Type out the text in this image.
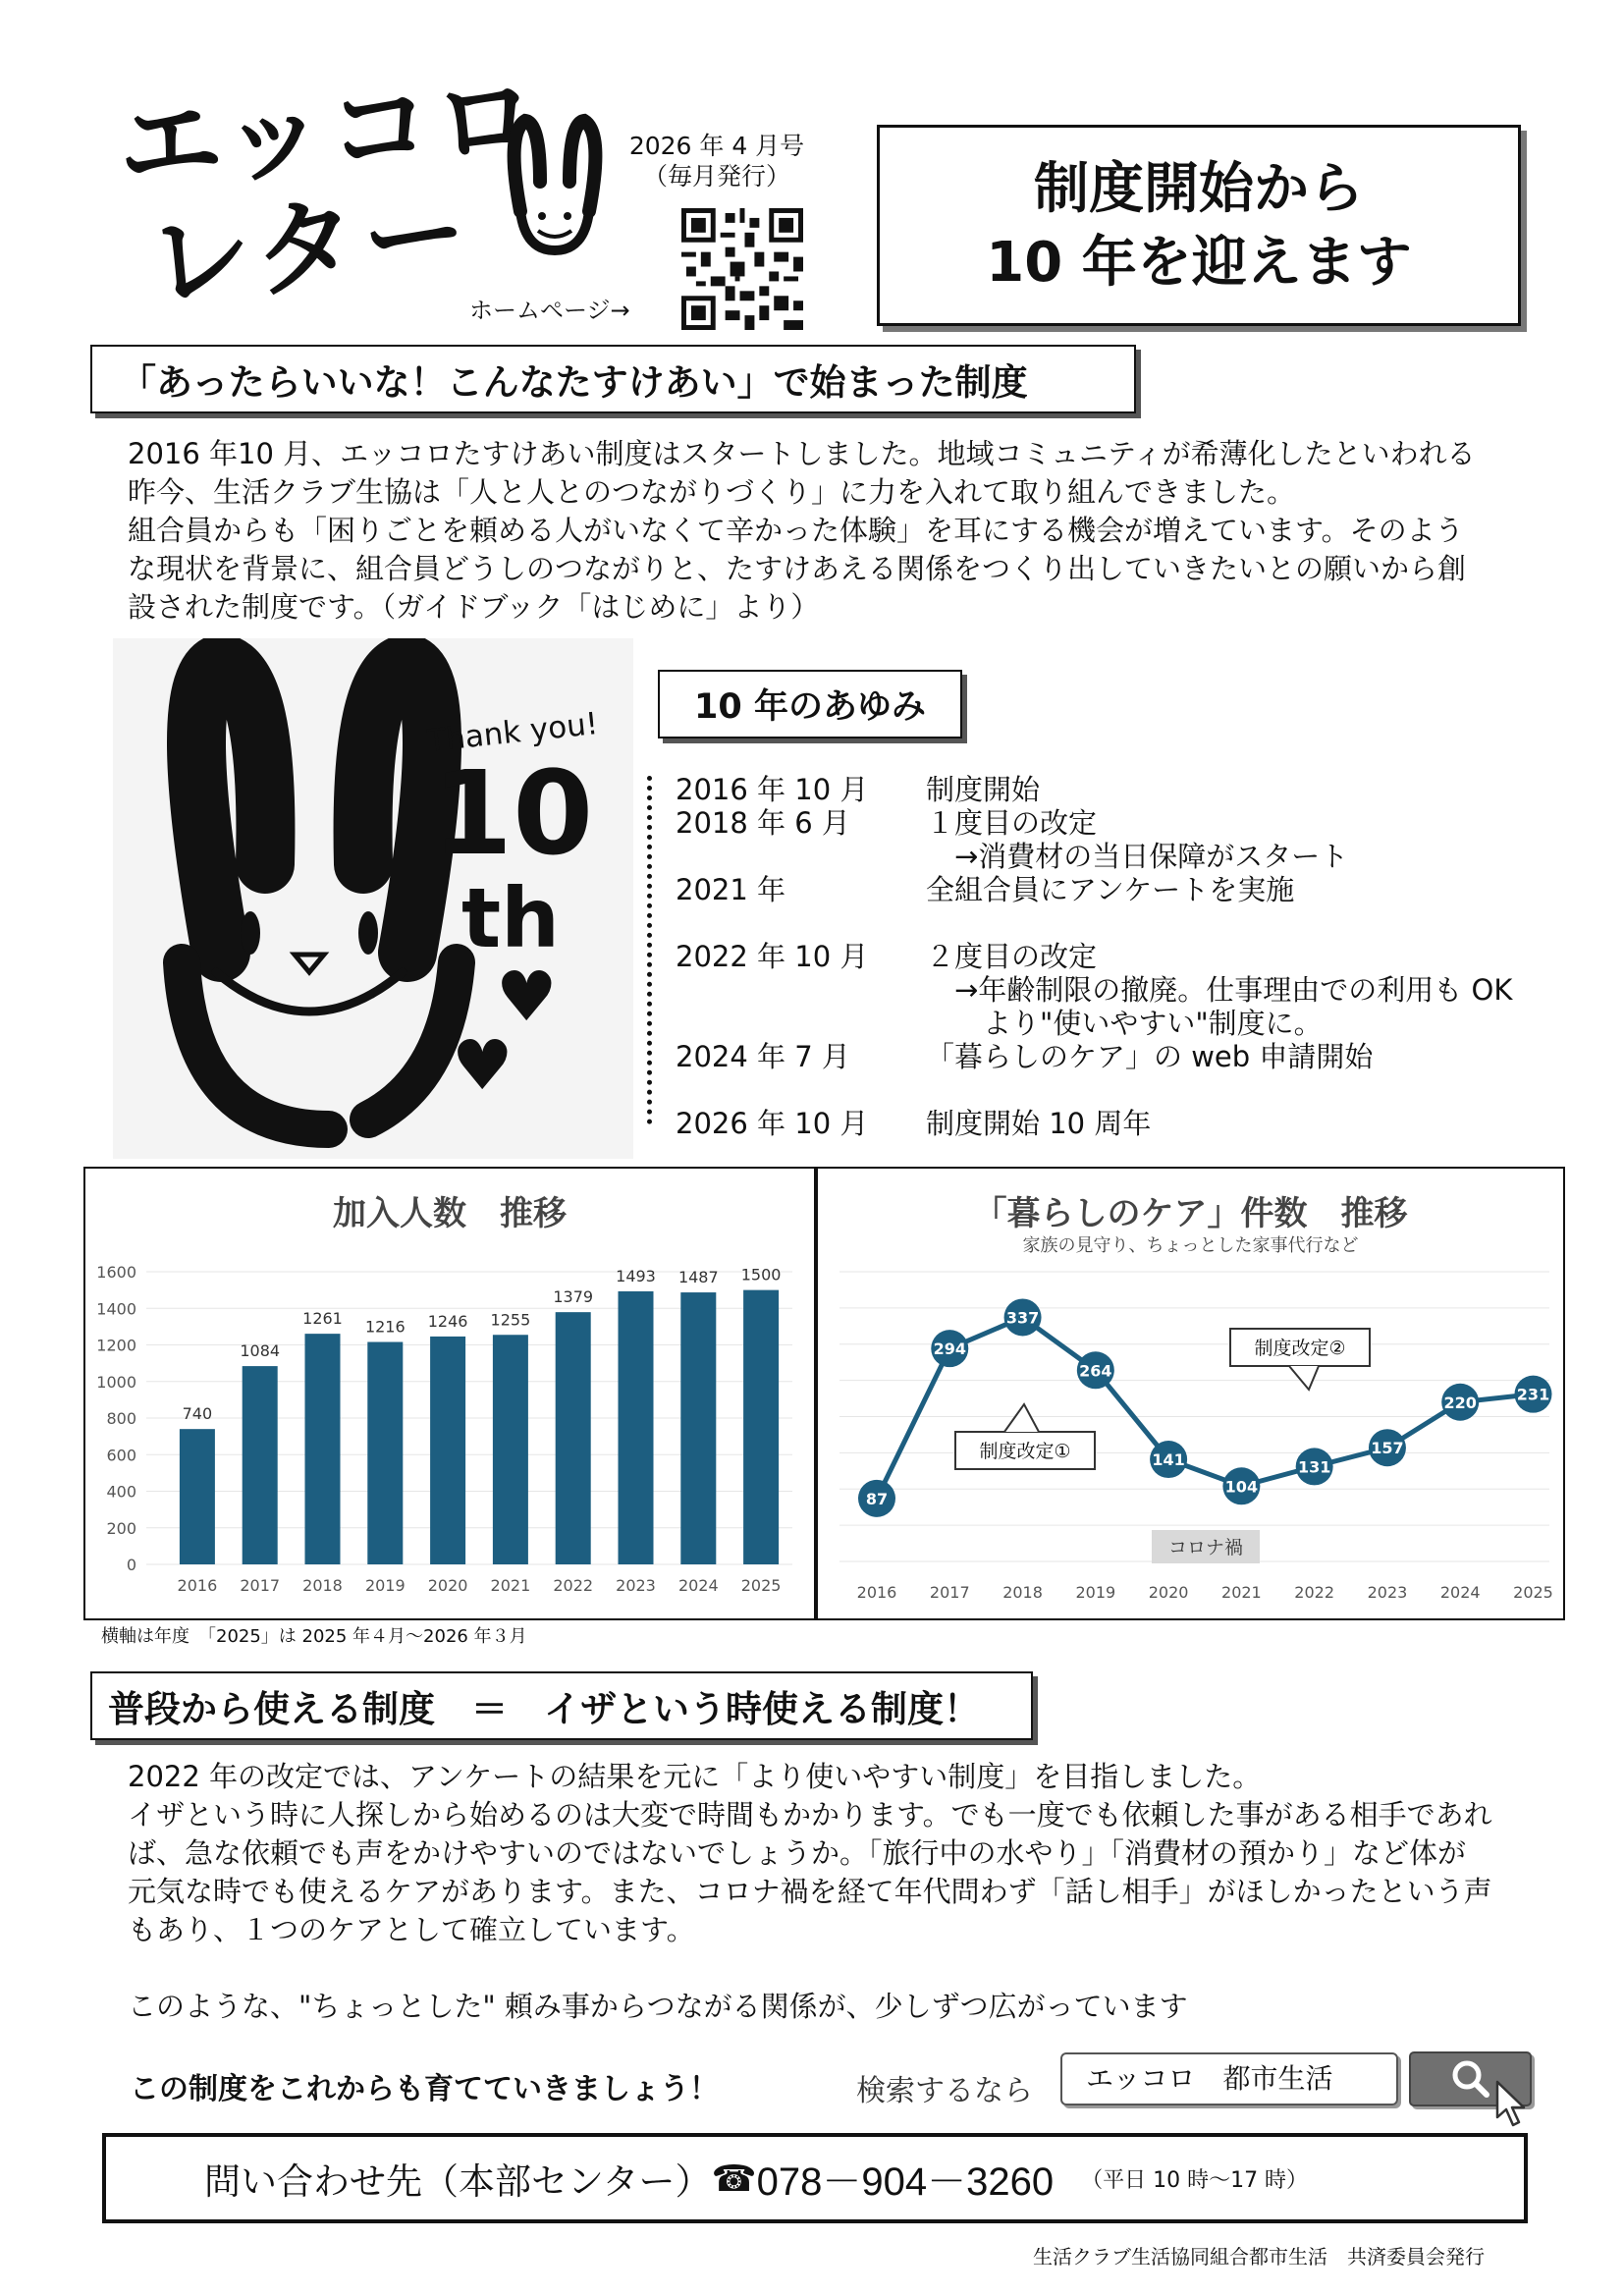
エッコロ
レター
2026 年 4 月号
（毎月発行）
ホームページ→
制度開始から
10 年を迎えます
「あったらいいな！こんなたすけあい」で始まった制度

2016 年10 月、エッコロたすけあい制度はスタートしました。地域コミュニティが希薄化したといわれる

昨今、生活クラブ生協は「人と人とのつながりづくり」に力を入れて取り組んできました。

組合員からも「困りごとを頼める人がいなくて辛かった体験」を耳にする機会が増えています。そのよう

な現状を背景に、組合員どうしのつながりと、たすけあえる関係をつくり出していきたいとの願いから創

設された制度です。（ガイドブック「はじめに」より）

Thank you!
10
th
♥
♥
10 年のあゆみ
2016 年 10 月	制度開始
2018 年 6 月	１度目の改定
　→消費材の当日保障がスタート
2021 年	全組合員にアンケートを実施
2022 年 10 月	２度目の改定
　→年齢制限の撤廃。仕事理由での利用も OK
　　より"使いやすい"制度に。
2024 年 7 月	「暮らしのケア」の web 申請開始
2026 年 10 月	制度開始 10 周年
加入人数　推移
0
200
400
600
800
1000
1200
1400
1600
740
2016
1084
2017
1261
2018
1216
2019
1246
2020
1255
2021
1379
2022
1493
2023
1487
2024
1500
2025
「暮らしのケア」件数　推移
家族の見守り、ちょっとした家事代行など
87
2016
294
2017
337
2018
264
2019
141
2020
104
2021
131
2022
157
2023
220
2024
231
2025
制度改定①
制度改定②
コロナ禍
横軸は年度　「2025」は 2025 年４月～2026 年３月
普段から使える制度　＝　イザという時使える制度！

2022 年の改定では、アンケートの結果を元に「より使いやすい制度」を目指しました。

イザという時に人探しから始めるのは大変で時間もかかります。でも一度でも依頼した事がある相手であれ

ば、急な依頼でも声をかけやすいのではないでしょうか。「旅行中の水やり」「消費材の預かり」など体が

元気な時でも使えるケアがあります。また、コロナ禍を経て年代問わず「話し相手」がほしかったという声

もあり、１つのケアとして確立しています。

このような、"ちょっとした" 頼み事からつながる関係が、少しずつ広がっています

この制度をこれからも育てていきましょう！	検索するなら	エッコロ　都市生活
問い合わせ先（本部センター） ☎ 078－904－3260 （平日 10 時～17 時）
生活クラブ生活協同組合都市生活　共済委員会発行
